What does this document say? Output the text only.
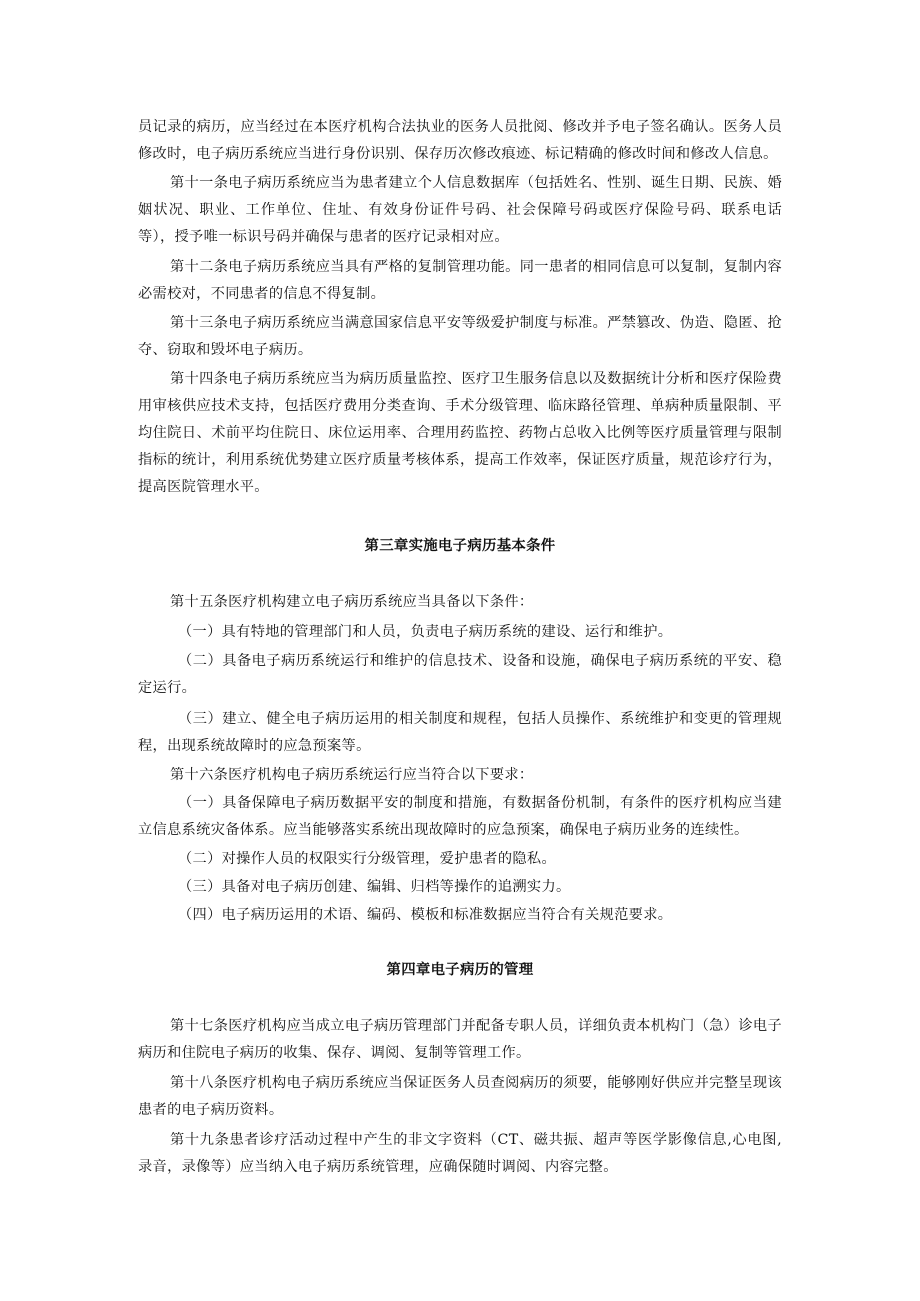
员记录的病历，应当经过在本医疗机构合法执业的医务人员批阅、修改并予电子签名确认。医务人员修改时，电子病历系统应当进行身份识别、保存历次修改痕迹、标记精确的修改时间和修改人信息。
第十一条电子病历系统应当为患者建立个人信息数据库（包括姓名、性别、诞生日期、民族、婚姻状况、职业、工作单位、住址、有效身份证件号码、社会保障号码或医疗保险号码、联系电话等），授予唯一标识号码并确保与患者的医疗记录相对应。
第十二条电子病历系统应当具有严格的复制管理功能。同一患者的相同信息可以复制，复制内容必需校对，不同患者的信息不得复制。
第十三条电子病历系统应当满意国家信息平安等级爱护制度与标准。严禁篡改、伪造、隐匿、抢夺、窃取和毁坏电子病历。
第十四条电子病历系统应当为病历质量监控、医疗卫生服务信息以及数据统计分析和医疗保险费用审核供应技术支持，包括医疗费用分类查询、手术分级管理、临床路径管理、单病种质量限制、平均住院日、术前平均住院日、床位运用率、合理用药监控、药物占总收入比例等医疗质量管理与限制指标的统计，利用系统优势建立医疗质量考核体系，提高工作效率，保证医疗质量，规范诊疗行为，提高医院管理水平。
第三章实施电子病历基本条件
第十五条医疗机构建立电子病历系统应当具备以下条件：
（一）具有特地的管理部门和人员，负责电子病历系统的建设、运行和维护。
（二）具备电子病历系统运行和维护的信息技术、设备和设施，确保电子病历系统的平安、稳定运行。
（三）建立、健全电子病历运用的相关制度和规程，包括人员操作、系统维护和变更的管理规程，出现系统故障时的应急预案等。
第十六条医疗机构电子病历系统运行应当符合以下要求：
（一）具备保障电子病历数据平安的制度和措施，有数据备份机制，有条件的医疗机构应当建立信息系统灾备体系。应当能够落实系统出现故障时的应急预案，确保电子病历业务的连续性。
（二）对操作人员的权限实行分级管理，爱护患者的隐私。
（三）具备对电子病历创建、编辑、归档等操作的追溯实力。
（四）电子病历运用的术语、编码、模板和标准数据应当符合有关规范要求。
第四章电子病历的管理
第十七条医疗机构应当成立电子病历管理部门并配备专职人员，详细负责本机构门（急）诊电子病历和住院电子病历的收集、保存、调阅、复制等管理工作。
第十八条医疗机构电子病历系统应当保证医务人员查阅病历的须要，能够刚好供应并完整呈现该患者的电子病历资料。
第十九条患者诊疗活动过程中产生的非文字资料（CT、磁共振、超声等医学影像信息,心电图,录音，录像等）应当纳入电子病历系统管理，应确保随时调阅、内容完整。
